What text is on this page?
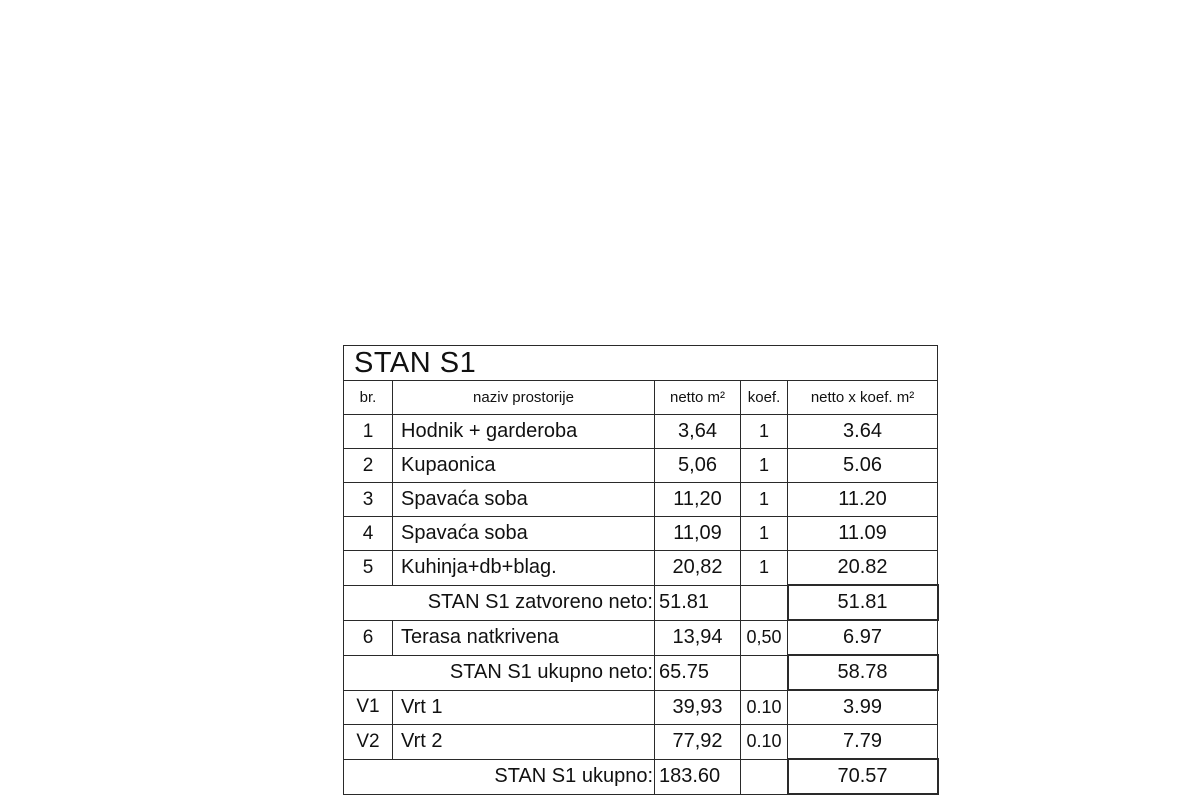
STAN S1				
br.	naziv prostorije	netto m²	koef.	netto x koef. m²
1	Hodnik + garderoba	3,64	1	3.64
2	Kupaonica	5,06	1	5.06
3	Spavaća soba	11,20	1	11.20
4	Spavaća soba	11,09	1	11.09
5	Kuhinja+db+blag.	20,82	1	20.82
STAN S1 zatvoreno neto:		51.81		51.81
6	Terasa natkrivena	13,94	0,50	6.97
STAN S1 ukupno neto:		65.75		58.78
V1	Vrt 1	39,93	0.10	3.99
V2	Vrt 2	77,92	0.10	7.79
STAN S1 ukupno:		183.60		70.57
